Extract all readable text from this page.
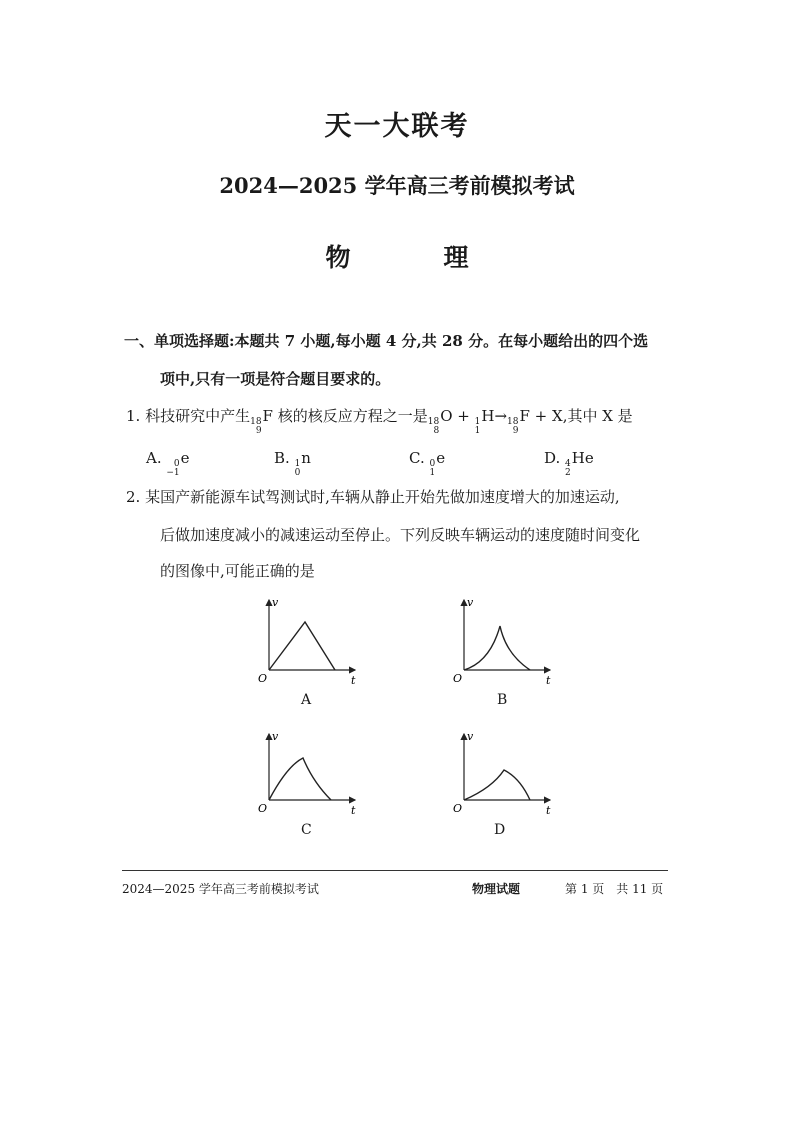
天一大联考
2024—2025 学年高三考前模拟考试
物　理
一、单项选择题:本题共 7 小题,每小题 4 分,共 28 分。在每小题给出的四个选
项中,只有一项是符合题目要求的。
1. 科技研究中产生 18
9
F 核的核反应方程之一是 18
8
O + 1
1
H→ 18
9
F + X,其中 X 是
A. 0
−1
e	B. 1
0
n	C. 0
1
e	D. 4
2
He
2. 某国产新能源车试驾测试时,车辆从静止开始先做加速度增大的加速运动,
后做加速度减小的减速运动至停止。下列反映车辆运动的速度随时间变化
的图像中,可能正确的是
v
O	t
A
v
O	t
B
v
O	t
C
v
O	t
D
2024—2025 学年高三考前模拟考试	物理试题	第 1 页　共 11 页
